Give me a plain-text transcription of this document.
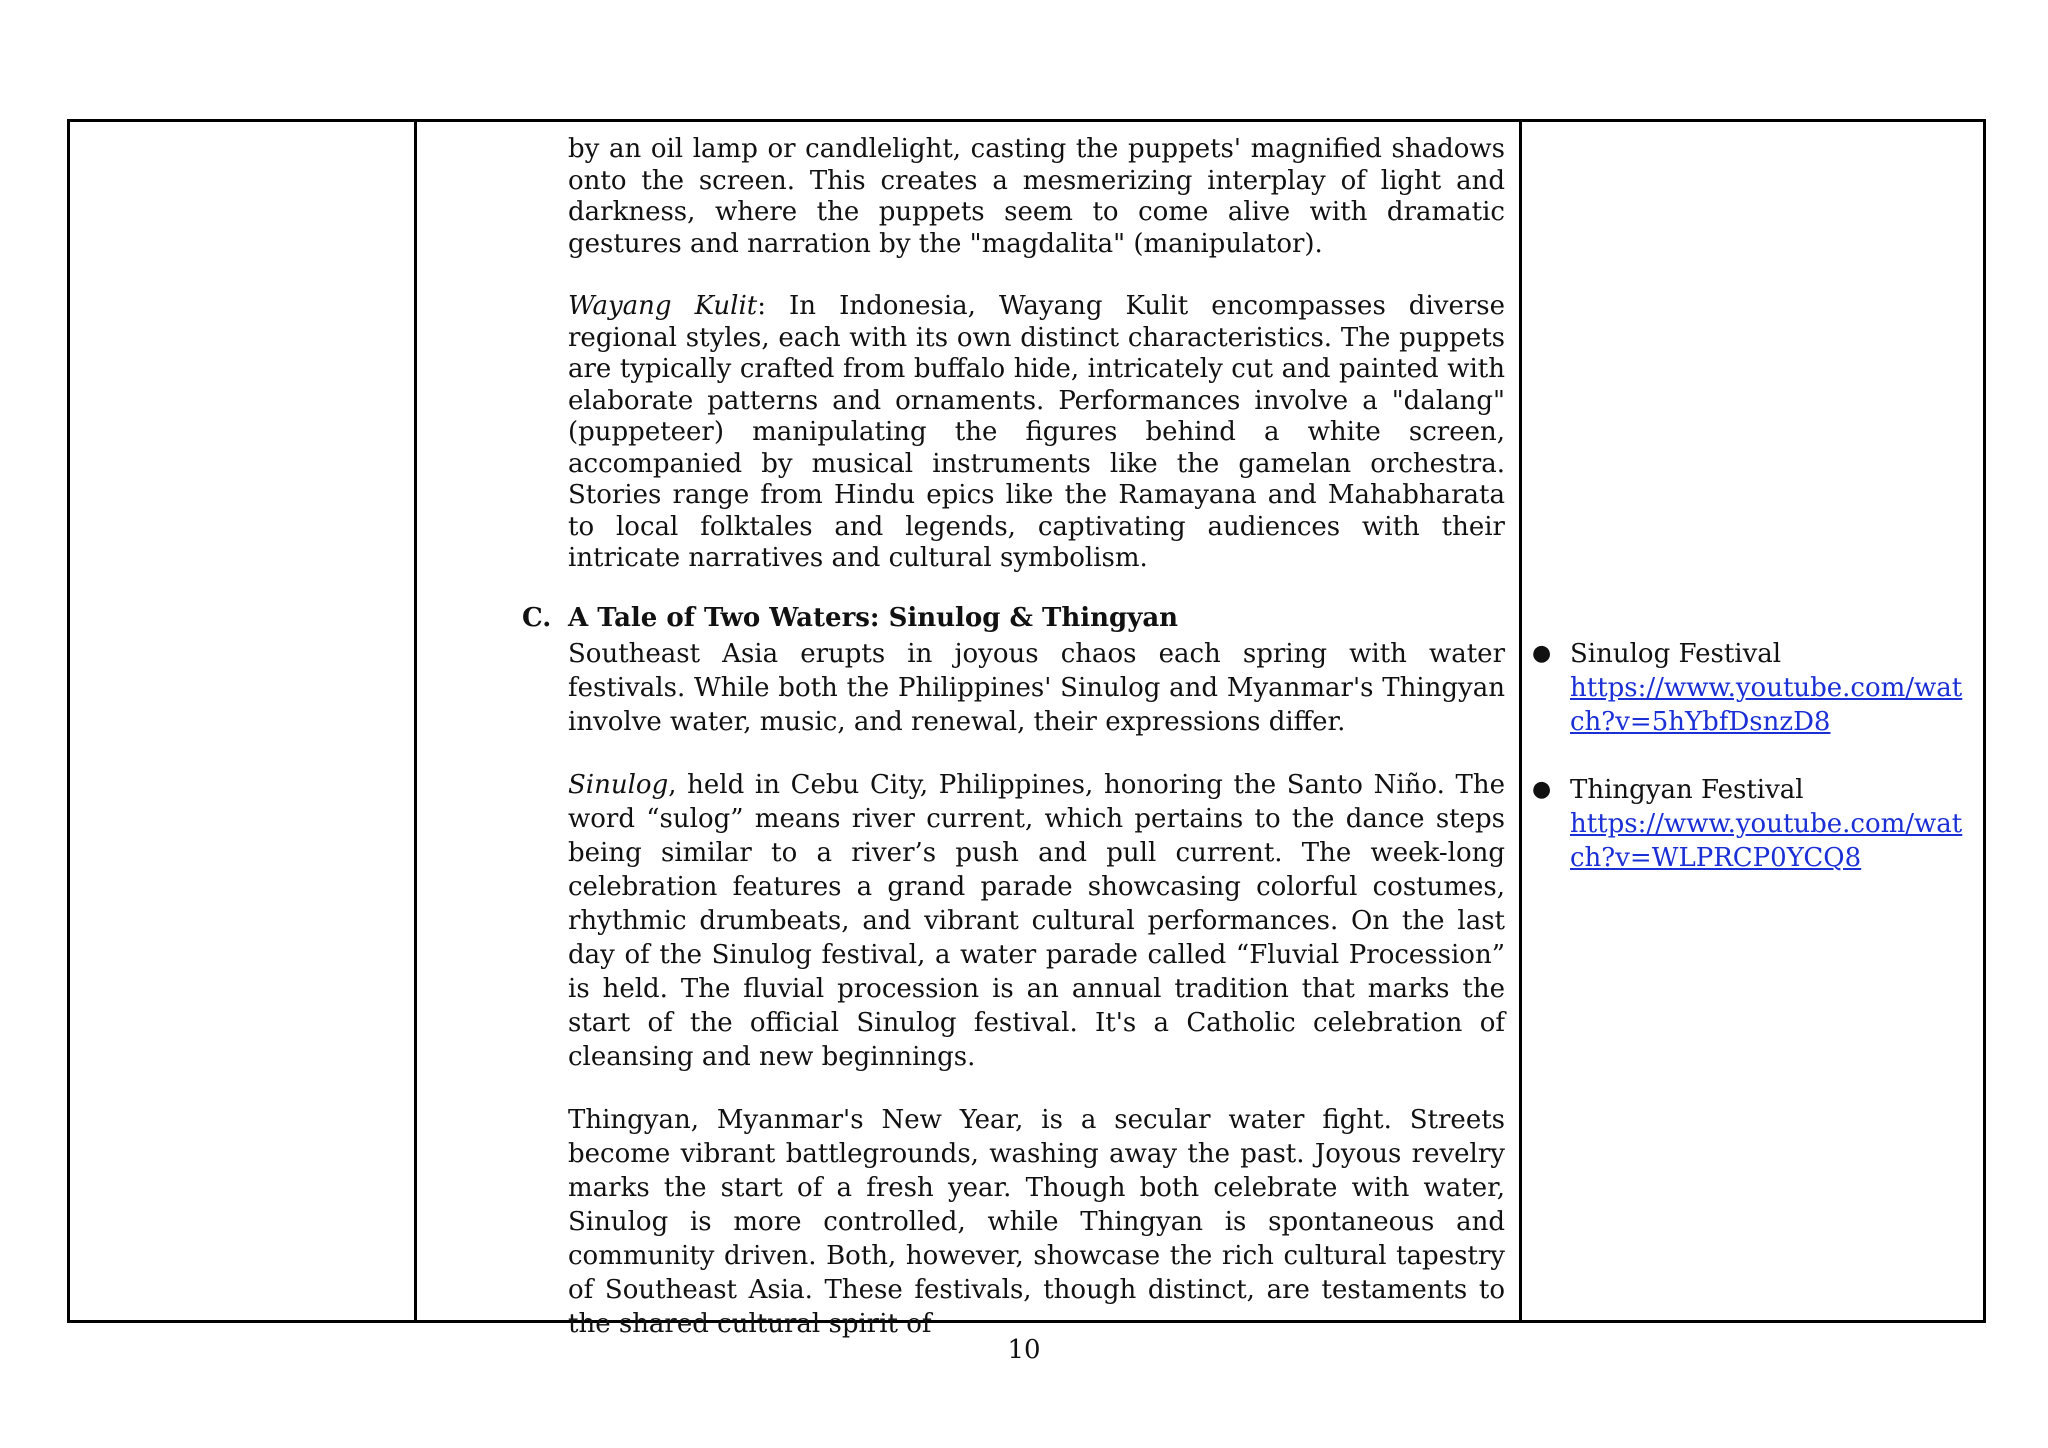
by an oil lamp or candlelight, casting the puppets' magnified shadows onto the screen. This creates a mesmerizing interplay of light and darkness, where the puppets seem to come alive with dramatic gestures and narration by the "magdalita" (manipulator).

Wayang Kulit: In Indonesia, Wayang Kulit encompasses diverse regional styles, each with its own distinct characteristics. The puppets are typically crafted from buffalo hide, intricately cut and painted with elaborate patterns and ornaments. Performances involve a "dalang" (puppeteer) manipulating the figures behind a white screen, accompanied by musical instruments like the gamelan orchestra. Stories range from Hindu epics like the Ramayana and Mahabharata to local folktales and legends, captivating audiences with their intricate narratives and cultural symbolism.

C. A Tale of Two Waters: Sinulog & Thingyan

Southeast Asia erupts in joyous chaos each spring with water festivals. While both the Philippines' Sinulog and Myanmar's Thingyan involve water, music, and renewal, their expressions differ.

Sinulog, held in Cebu City, Philippines, honoring the Santo Niño. The word “sulog” means river current, which pertains to the dance steps being similar to a river’s push and pull current. The week-long celebration features a grand parade showcasing colorful costumes, rhythmic drumbeats, and vibrant cultural performances. On the last day of the Sinulog festival, a water parade called “Fluvial Procession” is held. The fluvial procession is an annual tradition that marks the start of the official Sinulog festival. It's a Catholic celebration of cleansing and new beginnings.

Thingyan, Myanmar's New Year, is a secular water fight. Streets become vibrant battlegrounds, washing away the past. Joyous revelry marks the start of a fresh year. Though both celebrate with water, Sinulog is more controlled, while Thingyan is spontaneous and community driven. Both, however, showcase the rich cultural tapestry of Southeast Asia. These festivals, though distinct, are testaments to the shared cultural spirit of

● Sinulog Festival
https://www.youtube.com/watch?v=5hYbfDsnzD8
● Thingyan Festival
https://www.youtube.com/watch?v=WLPRCP0YCQ8
10
